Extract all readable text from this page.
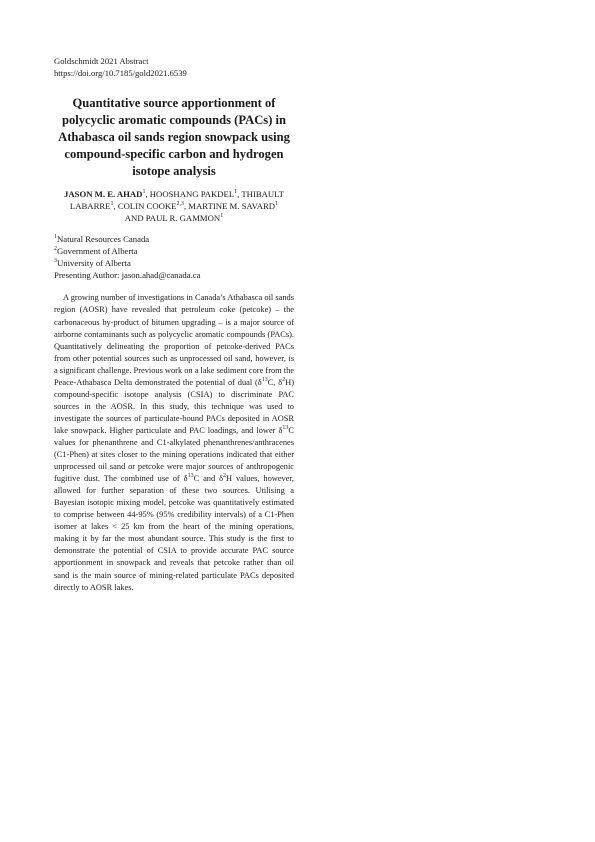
Goldschmidt 2021 Abstract
https://doi.org/10.7185/gold2021.6539
Quantitative source apportionment of polycyclic aromatic compounds (PACs) in Athabasca oil sands region snowpack using compound-specific carbon and hydrogen isotope analysis
JASON M. E. AHAD$^1$, HOOSHANG PAKDEL$^1$, THIBAULT LABARRE$^1$, COLIN COOKE$^{2,3}$, MARTINE M. SAVARD$^1$
AND PAUL R. GAMMON$^1$
$^1$Natural Resources Canada
$^2$Government of Alberta
$^3$University of Alberta
Presenting Author: jason.ahad@canada.ca

A growing number of investigations in Canada’s Athabasca oil sands region (AOSR) have revealed that petroleum coke (petcoke) – the carbonaceous by-product of bitumen upgrading – is a major source of airborne contaminants such as polycyclic aromatic compounds (PACs). Quantitatively delineating the proportion of petcoke-derived PACs from other potential sources such as unprocessed oil sand, however, is a significant challenge. Previous work on a lake sediment core from the Peace-Athabasca Delta demonstrated the potential of dual ($\delta^{13}C$, $\delta^2H$) compound-specific isotope analysis (CSIA) to discriminate PAC sources in the AOSR. In this study, this technique was used to investigate the sources of particulate-bound PACs deposited in AOSR lake snowpack. Higher particulate and PAC loadings, and lower $\delta^{13}C$ values for phenanthrene and C1-alkylated phenanthrenes/anthracenes (C1-Phen) at sites closer to the mining operations indicated that either unprocessed oil sand or petcoke were major sources of anthropogenic fugitive dust. The combined use of $\delta^{13}C$ and $\delta^2H$ values, however, allowed for further separation of these two sources. Utilising a Bayesian isotopic mixing model, petcoke was quantitatively estimated to comprise between 44-95% (95% credibility intervals) of a C1-Phen isomer at lakes < 25 km from the heart of the mining operations, making it by far the most abundant source. This study is the first to demonstrate the potential of CSIA to provide accurate PAC source apportionment in snowpack and reveals that petcoke rather than oil sand is the main source of mining-related particulate PACs deposited directly to AOSR lakes.
